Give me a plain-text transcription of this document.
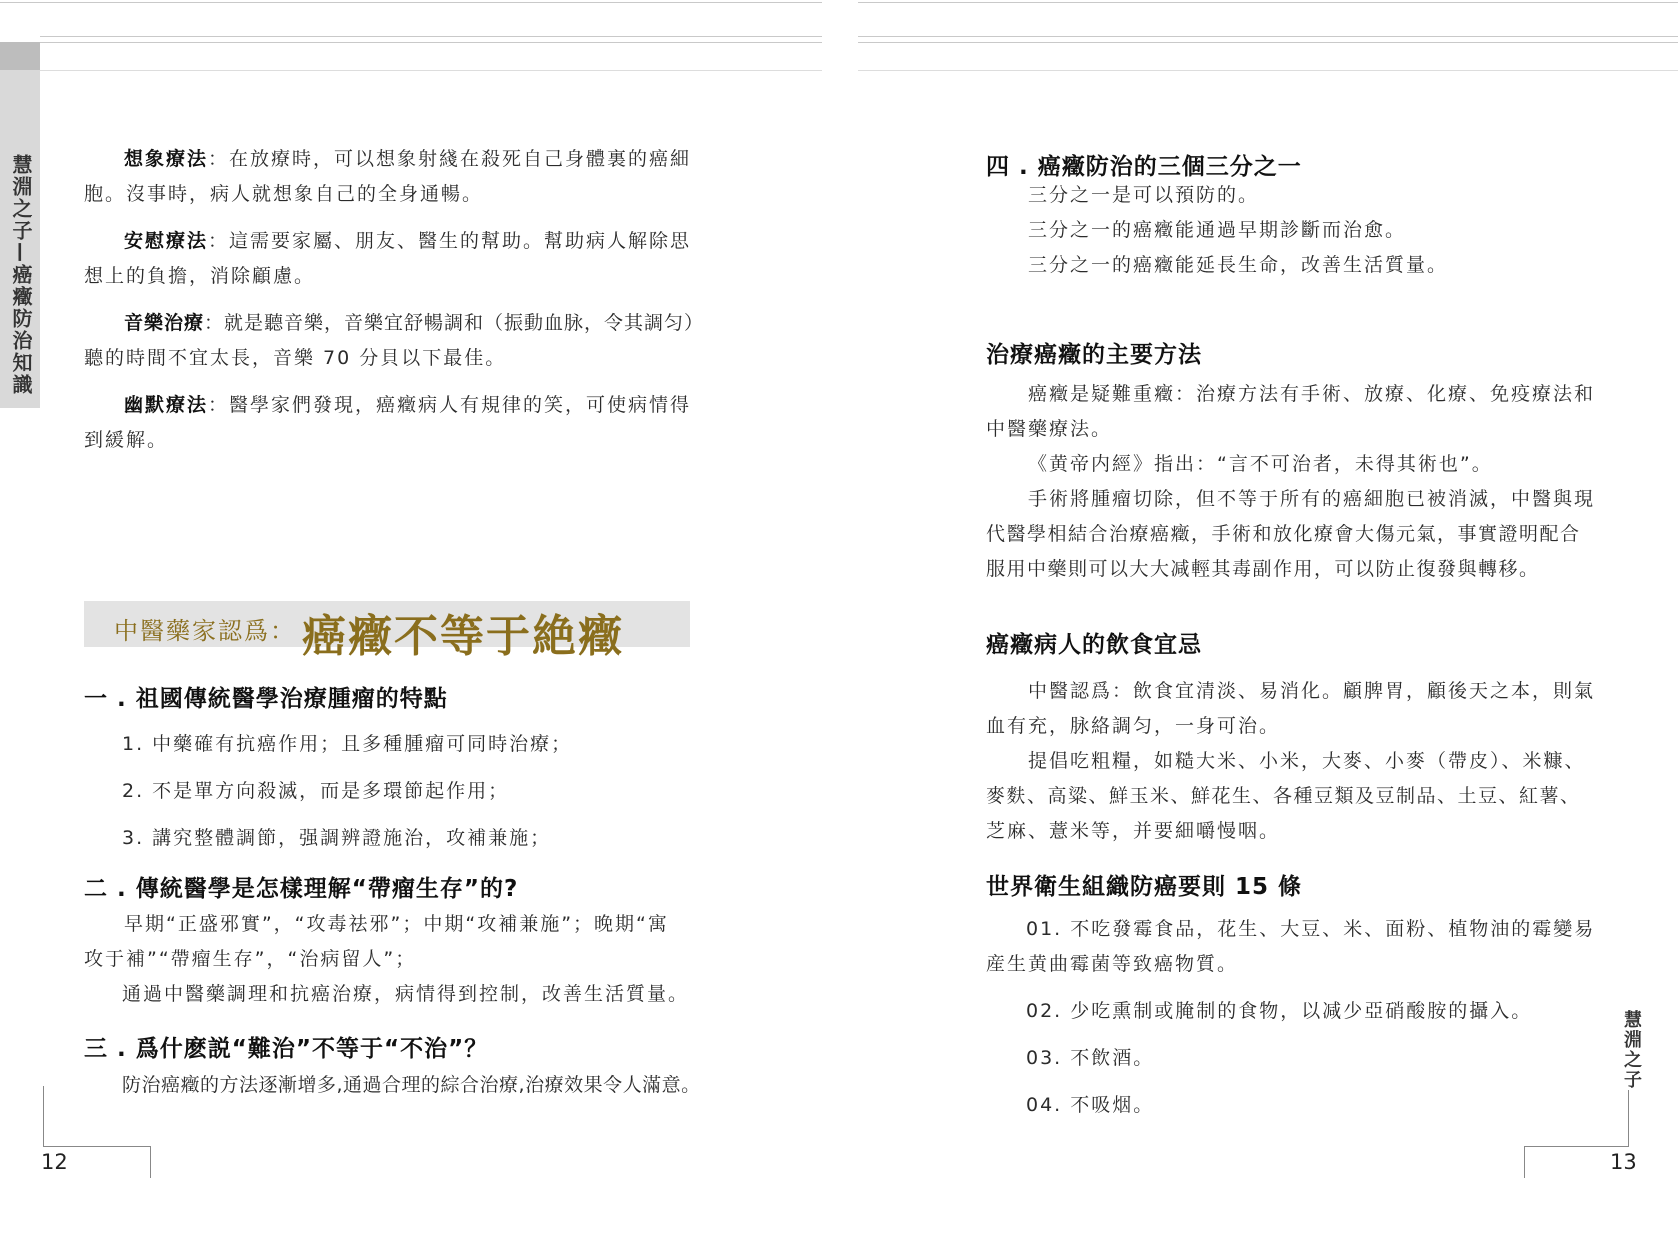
慧淵之子—癌癥防治知識	想象療法：在放療時，可以想象射綫在殺死自己身體裏的癌細
胞。沒事時，病人就想象自己的全身通暢。
安慰療法：這需要家屬、朋友、醫生的幫助。幫助病人解除思
想上的負擔，消除顧慮。
音樂治療：就是聽音樂，音樂宜舒暢調和（振動血脉，令其調匀）
聽的時間不宜太長，音樂 70 分貝以下最佳。
幽默療法：醫學家們發現，癌癥病人有規律的笑，可使病情得
到緩解。
中醫藥家認爲： 癌癥不等于絶癥
一 . 祖國傳統醫學治療腫瘤的特點
1. 中藥確有抗癌作用；且多種腫瘤可同時治療；
2. 不是單方向殺滅，而是多環節起作用；
3. 講究整體調節，强調辨證施治，攻補兼施；
二 . 傳統醫學是怎樣理解“帶瘤生存”的?
早期“正盛邪實”，“攻毒祛邪”；中期“攻補兼施”；晚期“寓
攻于補”“帶瘤生存”，“治病留人”；
通過中醫藥調理和抗癌治療，病情得到控制，改善生活質量。
三 . 爲什麽説“難治”不等于“不治”？
防治癌癥的方法逐漸增多,通過合理的綜合治療,治療效果令人滿意。
12
四 . 癌癥防治的三個三分之一
三分之一是可以預防的。
三分之一的癌癥能通過早期診斷而治愈。
三分之一的癌癥能延長生命，改善生活質量。
治療癌癥的主要方法
癌癥是疑難重癥：治療方法有手術、放療、化療、免疫療法和
中醫藥療法。
《黄帝内經》指出：“言不可治者，未得其術也”。
手術將腫瘤切除，但不等于所有的癌細胞已被消滅，中醫與現
代醫學相結合治療癌癥，手術和放化療會大傷元氣，事實證明配合
服用中藥則可以大大减輕其毒副作用，可以防止復發與轉移。
癌癥病人的飲食宜忌
中醫認爲：飲食宜清淡、易消化。顧脾胃，顧後天之本，則氣
血有充，脉絡調匀，一身可治。
提倡吃粗糧，如糙大米、小米，大麥、小麥（帶皮）、米糠、
麥麩、高粱、鮮玉米、鮮花生、各種豆類及豆制品、土豆、紅薯、
芝麻、薏米等，并要細嚼慢咽。
世界衛生組織防癌要則 15 條
01. 不吃發霉食品，花生、大豆、米、面粉、植物油的霉變易
産生黄曲霉菌等致癌物質。
02. 少吃熏制或腌制的食物，以减少亞硝酸胺的攝入。
03. 不飲酒。
04. 不吸烟。
慧淵之子
13
